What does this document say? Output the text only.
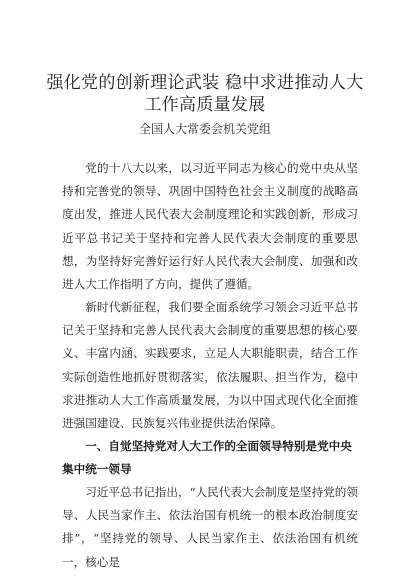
强化党的创新理论武装 稳中求进推动人大工作高质量发展

全国人大常委会机关党组

党的十八大以来，以习近平同志为核心的党中央从坚持和完善党的领导、巩固中国特色社会主义制度的战略高度出发，推进人民代表大会制度理论和实践创新，形成习近平总书记关于坚持和完善人民代表大会制度的重要思想，为坚持好完善好运行好人民代表大会制度、加强和改进人大工作指明了方向，提供了遵循。

新时代新征程，我们要全面系统学习领会习近平总书记关于坚持和完善人民代表大会制度的重要思想的核心要义、丰富内涵、实践要求，立足人大职能职责，结合工作实际创造性地抓好贯彻落实，依法履职、担当作为，稳中求进推动人大工作高质量发展，为以中国式现代化全面推进强国建设、民族复兴伟业提供法治保障。

一、自觉坚持党对人大工作的全面领导特别是党中央集中统一领导

习近平总书记指出，“人民代表大会制度是坚持党的领导、人民当家作主、依法治国有机统一的根本政治制度安排”，“坚持党的领导、人民当家作主、依法治国有机统一，核心是
